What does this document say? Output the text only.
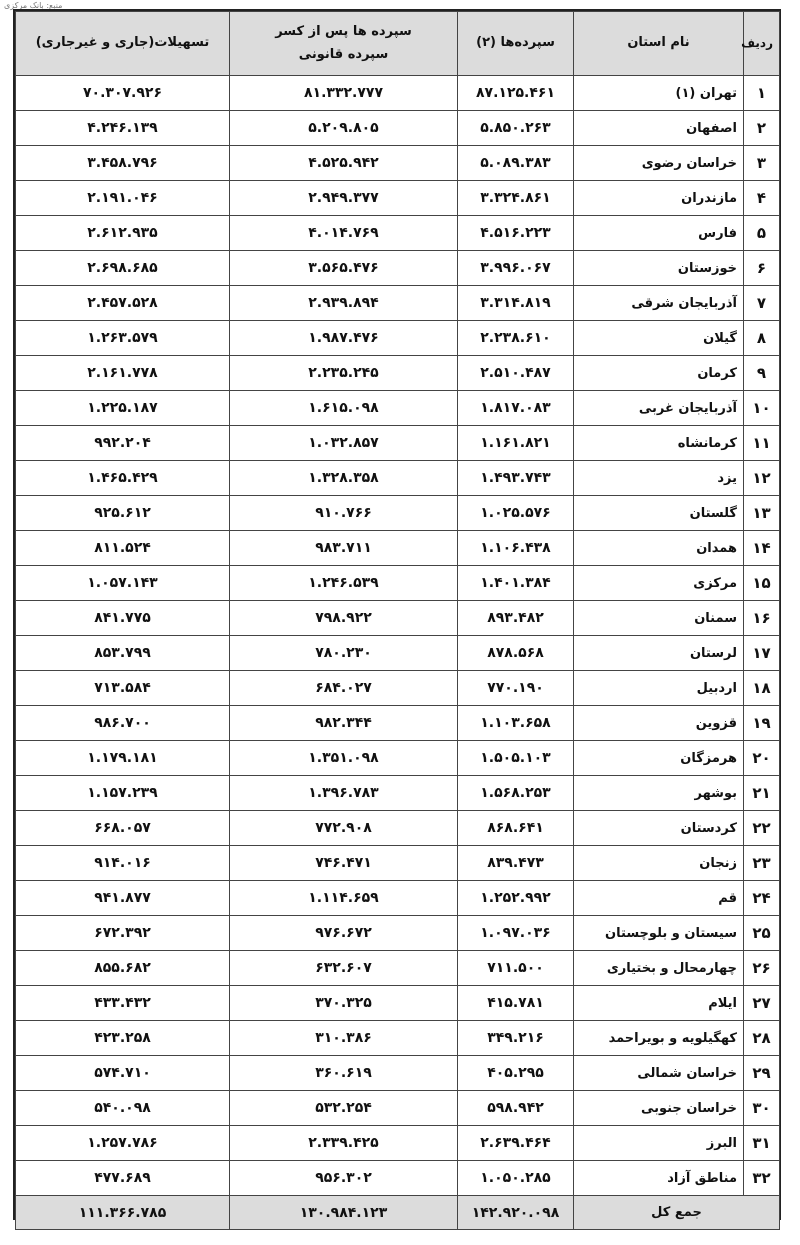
منبع: بانک مرکزی
ردیف	نام استان	سپرده‌ها (۲)	سپرده ها پس از کسر سپرده قانونی	تسهیلات(جاری و غیرجاری)
۱	تهران (۱)	۸۷.۱۲۵.۴۶۱	۸۱.۳۳۲.۷۷۷	۷۰.۳۰۷.۹۲۶
۲	اصفهان	۵.۸۵۰.۲۶۳	۵.۲۰۹.۸۰۵	۴.۲۴۶.۱۳۹
۳	خراسان رضوی	۵.۰۸۹.۳۸۳	۴.۵۲۵.۹۴۲	۳.۴۵۸.۷۹۶
۴	مازندران	۳.۳۲۴.۸۶۱	۲.۹۴۹.۳۷۷	۲.۱۹۱.۰۴۶
۵	فارس	۴.۵۱۶.۲۲۳	۴.۰۱۴.۷۶۹	۲.۶۱۲.۹۳۵
۶	خوزستان	۳.۹۹۶.۰۶۷	۳.۵۶۵.۴۷۶	۲.۶۹۸.۶۸۵
۷	آذربایجان شرقی	۳.۳۱۴.۸۱۹	۲.۹۳۹.۸۹۴	۲.۴۵۷.۵۲۸
۸	گیلان	۲.۲۳۸.۶۱۰	۱.۹۸۷.۴۷۶	۱.۲۶۳.۵۷۹
۹	کرمان	۲.۵۱۰.۴۸۷	۲.۲۳۵.۲۴۵	۲.۱۶۱.۷۷۸
۱۰	آذربایجان غربی	۱.۸۱۷.۰۸۳	۱.۶۱۵.۰۹۸	۱.۲۲۵.۱۸۷
۱۱	کرمانشاه	۱.۱۶۱.۸۲۱	۱.۰۳۲.۸۵۷	۹۹۲.۲۰۴
۱۲	یزد	۱.۴۹۳.۷۴۳	۱.۳۲۸.۳۵۸	۱.۴۶۵.۴۲۹
۱۳	گلستان	۱.۰۲۵.۵۷۶	۹۱۰.۷۶۶	۹۲۵.۶۱۲
۱۴	همدان	۱.۱۰۶.۴۳۸	۹۸۳.۷۱۱	۸۱۱.۵۲۴
۱۵	مرکزی	۱.۴۰۱.۳۸۴	۱.۲۴۶.۵۳۹	۱.۰۵۷.۱۴۳
۱۶	سمنان	۸۹۳.۴۸۲	۷۹۸.۹۲۲	۸۴۱.۷۷۵
۱۷	لرستان	۸۷۸.۵۶۸	۷۸۰.۲۳۰	۸۵۳.۷۹۹
۱۸	اردبیل	۷۷۰.۱۹۰	۶۸۴.۰۲۷	۷۱۳.۵۸۴
۱۹	قزوین	۱.۱۰۳.۶۵۸	۹۸۲.۳۴۴	۹۸۶.۷۰۰
۲۰	هرمزگان	۱.۵۰۵.۱۰۳	۱.۳۵۱.۰۹۸	۱.۱۷۹.۱۸۱
۲۱	بوشهر	۱.۵۶۸.۲۵۳	۱.۳۹۶.۷۸۳	۱.۱۵۷.۲۳۹
۲۲	کردستان	۸۶۸.۶۴۱	۷۷۲.۹۰۸	۶۶۸.۰۵۷
۲۳	زنجان	۸۳۹.۴۷۳	۷۴۶.۴۷۱	۹۱۴.۰۱۶
۲۴	قم	۱.۲۵۲.۹۹۲	۱.۱۱۴.۶۵۹	۹۴۱.۸۷۷
۲۵	سیستان و بلوچستان	۱.۰۹۷.۰۳۶	۹۷۶.۶۷۲	۶۷۲.۳۹۲
۲۶	چهارمحال و بختیاری	۷۱۱.۵۰۰	۶۳۲.۶۰۷	۸۵۵.۶۸۲
۲۷	ایلام	۴۱۵.۷۸۱	۳۷۰.۳۲۵	۴۳۳.۴۳۲
۲۸	کهگیلویه و بویراحمد	۳۴۹.۲۱۶	۳۱۰.۳۸۶	۴۲۳.۲۵۸
۲۹	خراسان شمالی	۴۰۵.۲۹۵	۳۶۰.۶۱۹	۵۷۴.۷۱۰
۳۰	خراسان جنوبی	۵۹۸.۹۴۲	۵۳۲.۲۵۴	۵۴۰.۰۹۸
۳۱	البرز	۲.۶۳۹.۴۶۴	۲.۳۳۹.۴۲۵	۱.۲۵۷.۷۸۶
۳۲	مناطق آزاد	۱.۰۵۰.۲۸۵	۹۵۶.۳۰۲	۴۷۷.۶۸۹
جمع کل		۱۴۲.۹۲۰.۰۹۸	۱۳۰.۹۸۴.۱۲۳	۱۱۱.۳۶۶.۷۸۵
